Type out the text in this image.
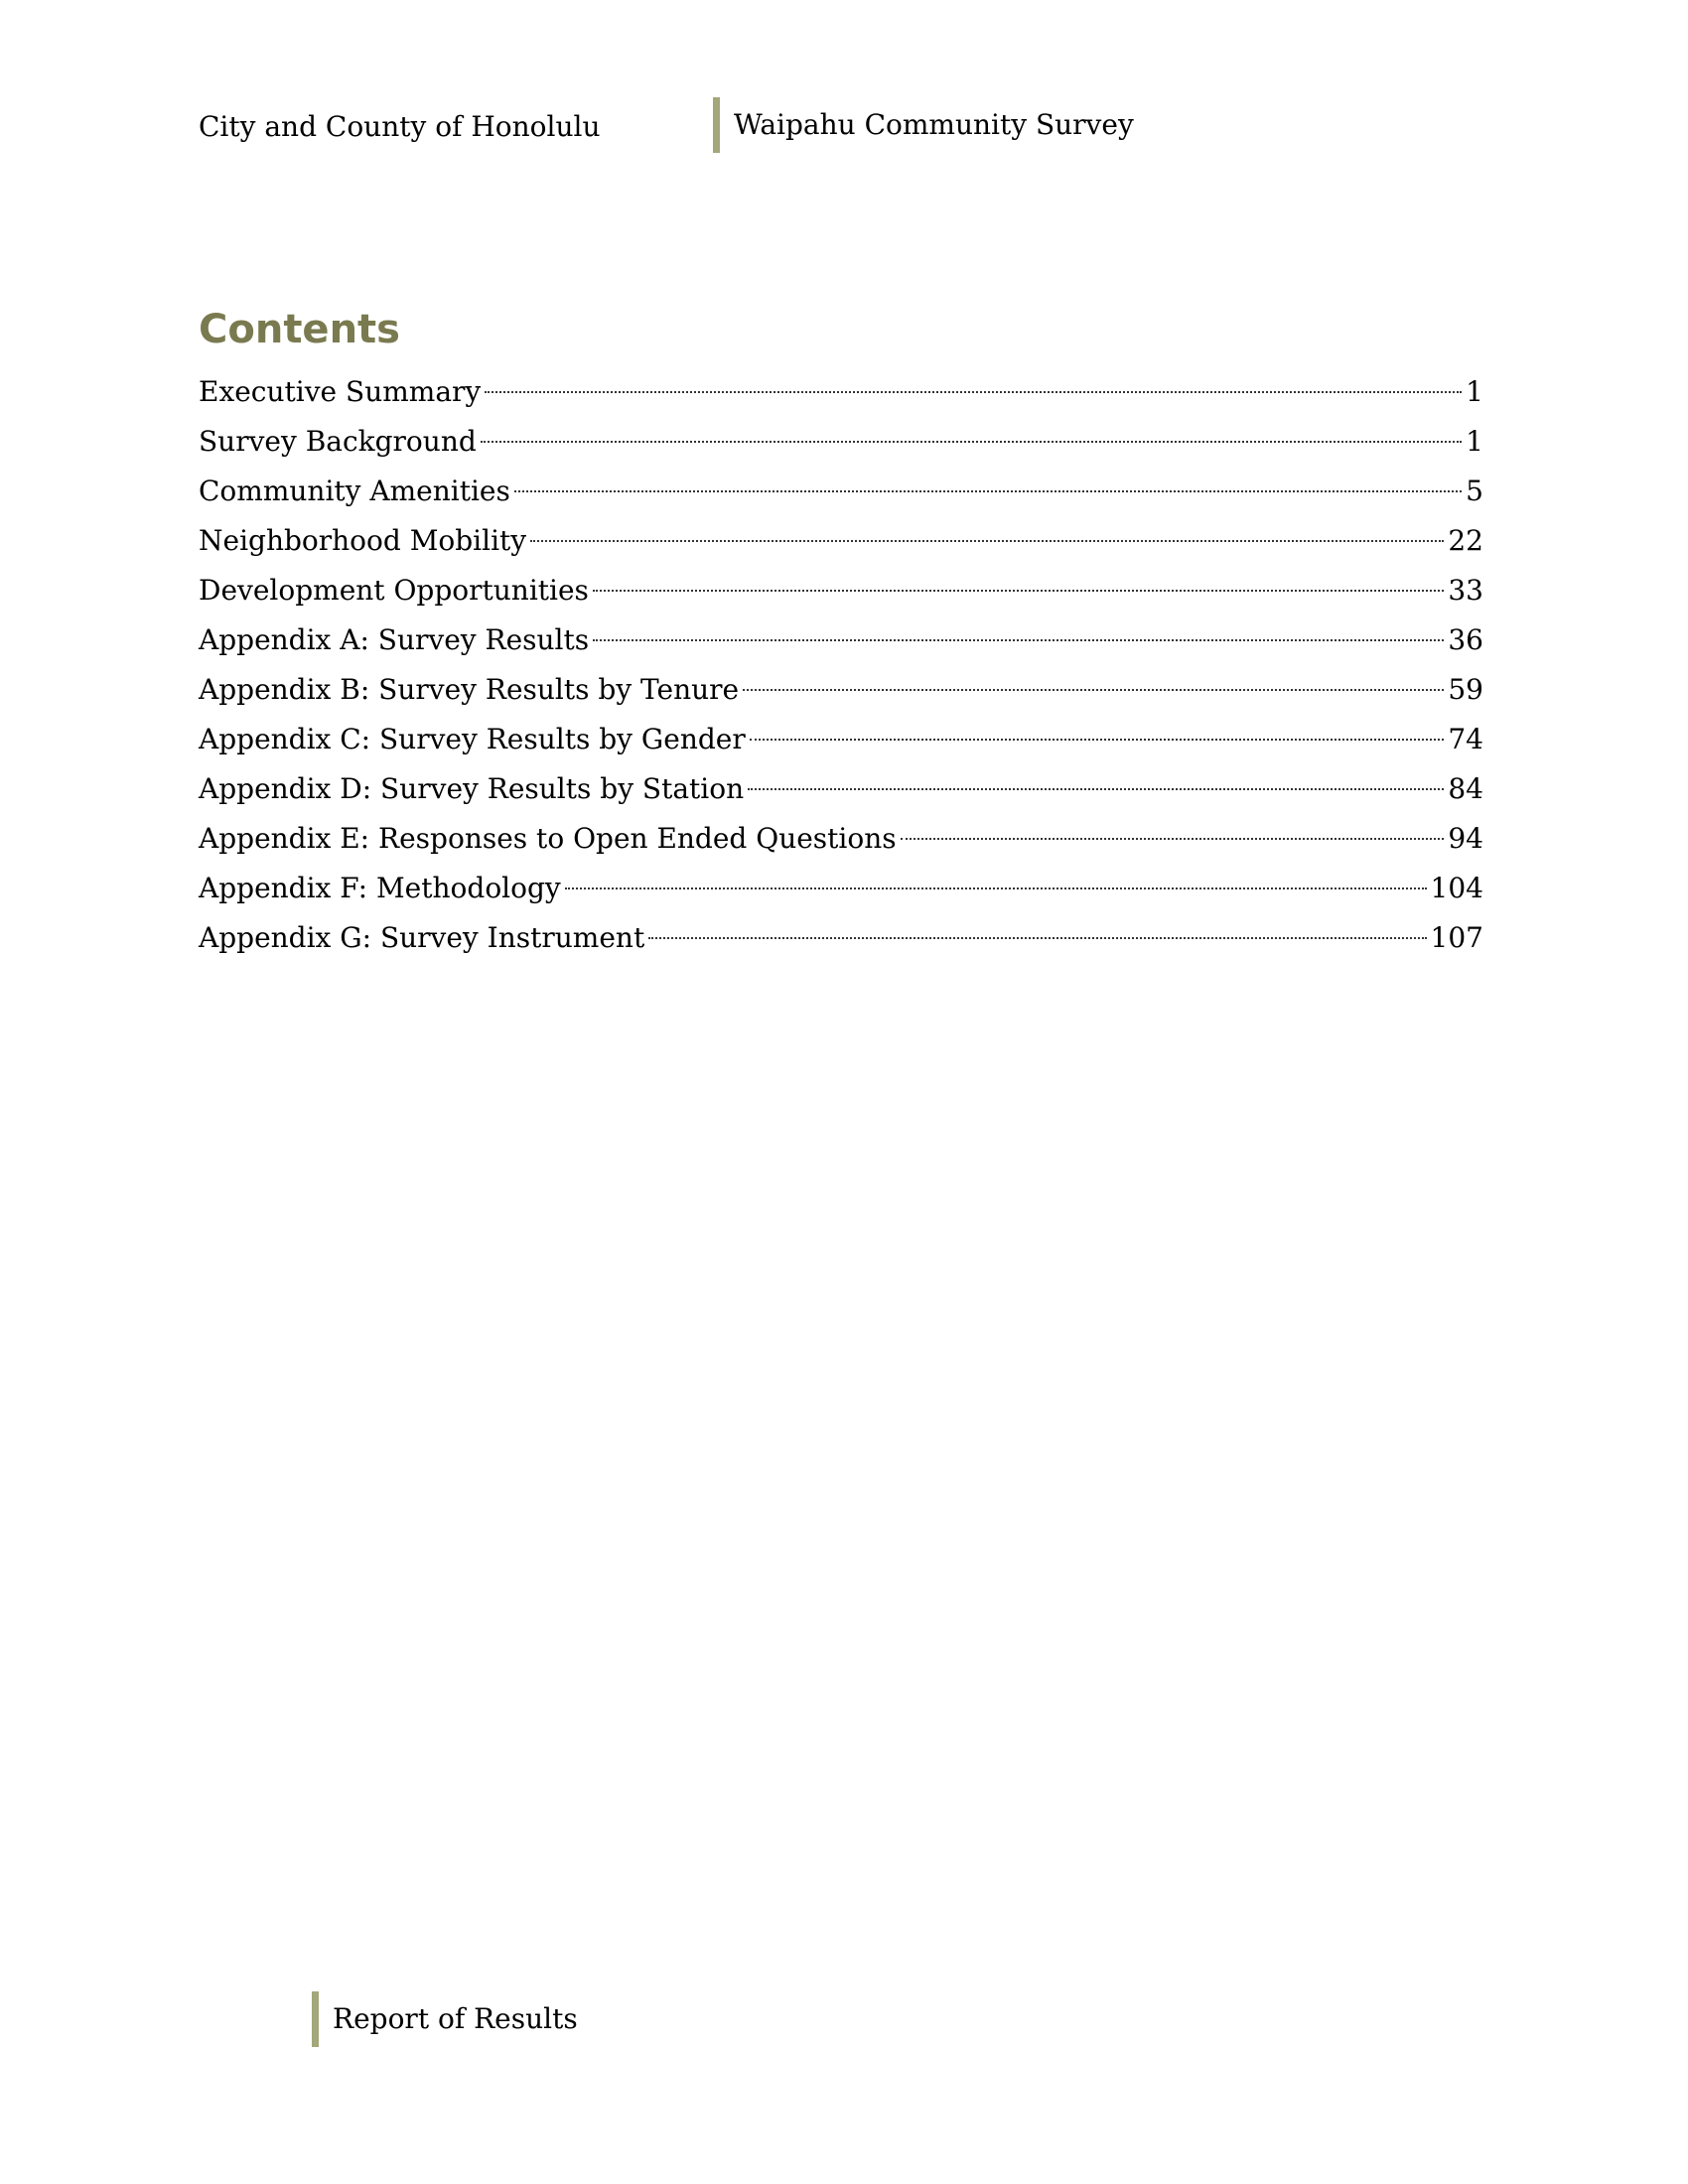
City and County of Honolulu	Waipahu Community Survey
Contents
Executive Summary	1
Survey Background	1
Community Amenities	5
Neighborhood Mobility	22
Development Opportunities	33
Appendix A: Survey Results	36
Appendix B: Survey Results by Tenure	59
Appendix C: Survey Results by Gender	74
Appendix D: Survey Results by Station	84
Appendix E: Responses to Open Ended Questions	94
Appendix F: Methodology	104
Appendix G: Survey Instrument	107
Report of Results
